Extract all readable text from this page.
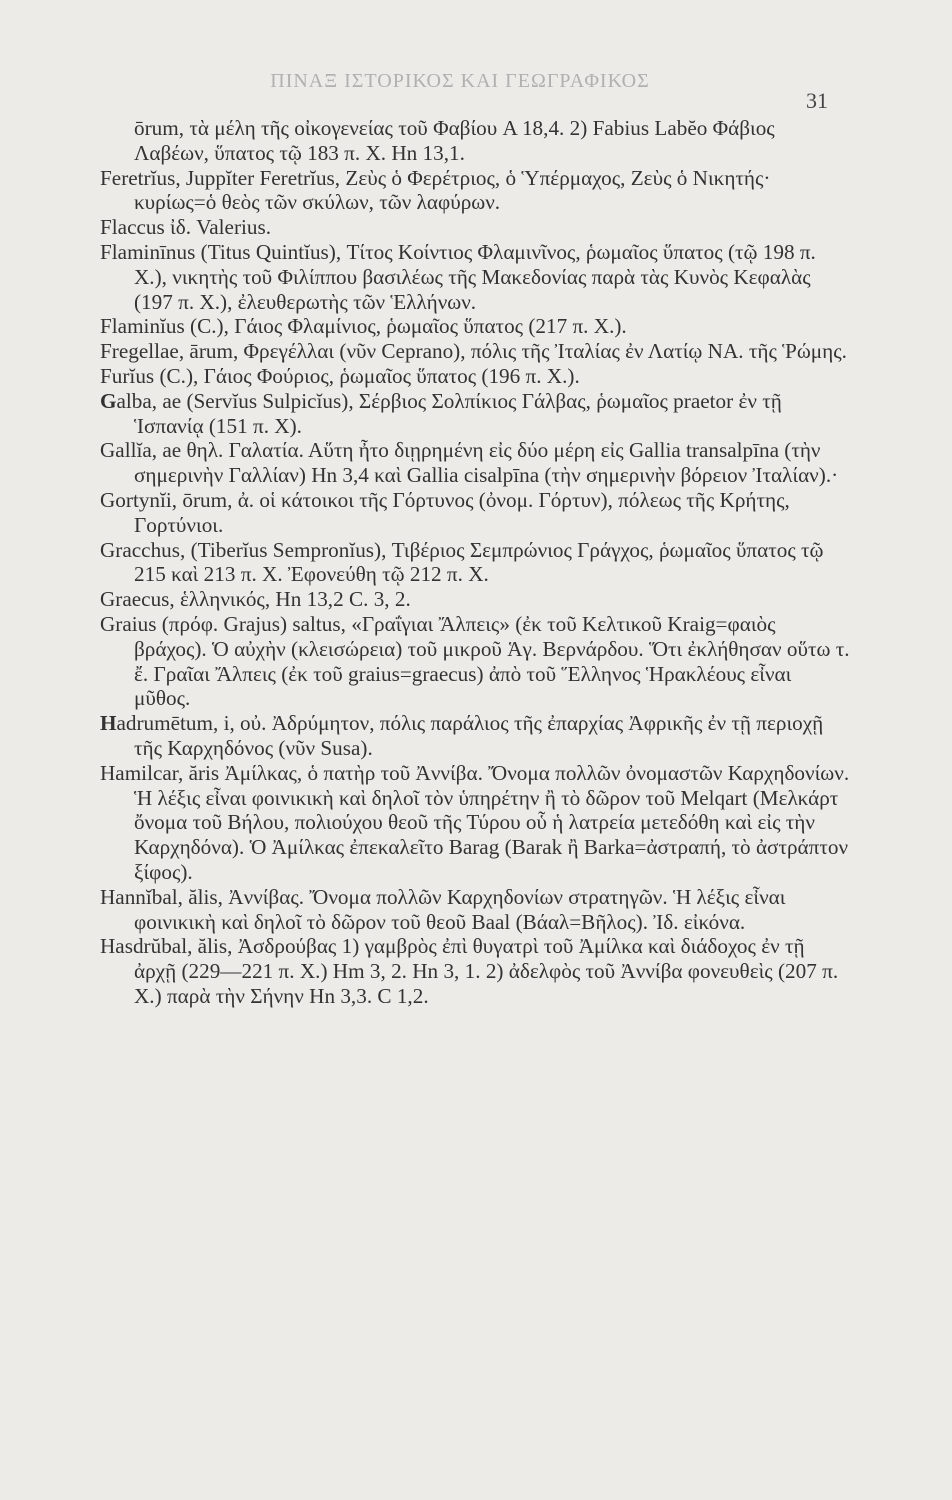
ΠΙΝΑΞ ΙΣΤΟΡΙΚΟΣ ΚΑΙ ΓΕΩΓΡΑΦΙΚΟΣ
31

ōrum, τὰ μέλη τῆς οἰκογενείας τοῦ Φαβίου A 18,4. 2) Fabius Labĕo Φάβιος Λαβέων, ὕπατος τῷ 183 π. X. Hn 13,1.

Feretrĭus, Juppĭter Feretrĭus, Ζεὺς ὁ Φερέτριος, ὁ Ὑπέρμαχος, Ζεὺς ὁ Νικητής· κυρίως=ὁ θεὸς τῶν σκύλων, τῶν λαφύρων.

Flaccus ἰδ. Valerius.

Flaminīnus (Titus Quintĭus), Τίτος Κοίντιος Φλαμινῖνος, ῥωμαῖος ὕπατος (τῷ 198 π. X.), νικητὴς τοῦ Φιλίππου βασιλέως τῆς Μακεδονίας παρὰ τὰς Κυνὸς Κεφαλὰς (197 π. X.), ἐλευθερωτὴς τῶν Ἑλλήνων.

Flaminĭus (C.), Γάιος Φλαμίνιος, ῥωμαῖος ὕπατος (217 π. X.).

Fregellae, ārum, Φρεγέλλαι (νῦν Ceprano), πόλις τῆς Ἰταλίας ἐν Λατίῳ ΝΑ. τῆς Ῥώμης.

Furĭus (C.), Γάιος Φούριος, ῥωμαῖος ὕπατος (196 π. X.).

Galba, ae (Servĭus Sulpicĭus), Σέρβιος Σολπίκιος Γάλβας, ῥωμαῖος praetor ἐν τῇ Ἱσπανίᾳ (151 π. X).

Gallĭa, ae θηλ. Γαλατία. Αὕτη ἦτο διῃρημένη εἰς δύο μέρη εἰς Gallia transalpīna (τὴν σημερινὴν Γαλλίαν) Hn 3,4 καὶ Gallia cisalpīna (τὴν σημερινὴν βόρειον Ἰταλίαν).·

Gortynĭi, ōrum, ἀ. οἱ κάτοικοι τῆς Γόρτυνος (ὀνομ. Γόρτυν), πόλεως τῆς Κρήτης, Γορτύνιοι.

Gracchus, (Tiberĭus Sempronĭus), Τιβέριος Σεμπρώνιος Γράγχος, ῥωμαῖος ὕπατος τῷ 215 καὶ 213 π. X. Ἐφονεύθη τῷ 212 π. X.

Graecus, ἑλληνικός, Hn 13,2 C. 3, 2.

Graius (πρόφ. Grajus) saltus, «Γραΐγιαι Ἄλπεις» (ἐκ τοῦ Κελτικοῦ Kraig=φαιὸς βράχος). Ὁ αὐχὴν (κλεισώρεια) τοῦ μικροῦ Ἁγ. Βερνάρδου. Ὅτι ἐκλήθησαν οὕτω τ. ἔ. Γραῖαι Ἄλπεις (ἐκ τοῦ graius=graecus) ἀπὸ τοῦ Ἕλληνος Ἡρακλέους εἶναι μῦθος.

Hadrumētum, i, οὐ. Ἀδρύμητον, πόλις παράλιος τῆς ἐπαρχίας Ἀφρικῆς ἐν τῇ περιοχῇ τῆς Καρχηδόνος (νῦν Susa).

Hamilcar, ăris Ἀμίλκας, ὁ πατὴρ τοῦ Ἀννίβα. Ὄνομα πολλῶν ὀνομαστῶν Καρχηδονίων. Ἡ λέξις εἶναι φοινικικὴ καὶ δηλοῖ τὸν ὑπηρέτην ἢ τὸ δῶρον τοῦ Melqart (Μελκάρτ ὄνομα τοῦ Βήλου, πολιούχου θεοῦ τῆς Τύρου οὗ ἡ λατρεία μετεδόθη καὶ εἰς τὴν Καρχηδόνα). Ὁ Ἀμίλκας ἐπεκαλεῖτο Barag (Barak ἢ Barka=ἀστραπή, τὸ ἀστράπτον ξίφος).

Hannĭbal, ălis, Ἀννίβας. Ὄνομα πολλῶν Καρχηδονίων στρατηγῶν. Ἡ λέξις εἶναι φοινικικὴ καὶ δηλοῖ τὸ δῶρον τοῦ θεοῦ Baal (Βάαλ=Βῆλος). Ἰδ. εἰκόνα.

Hasdrŭbal, ălis, Ἀσδρούβας 1) γαμβρὸς ἐπὶ θυγατρὶ τοῦ Ἀμίλκα καὶ διάδοχος ἐν τῇ ἀρχῇ (229—221 π. X.) Hm 3, 2. Hn 3, 1. 2) ἀδελφὸς τοῦ Ἀννίβα φονευθεὶς (207 π. X.) παρὰ τὴν Σήνην Hn 3,3. C 1,2.
